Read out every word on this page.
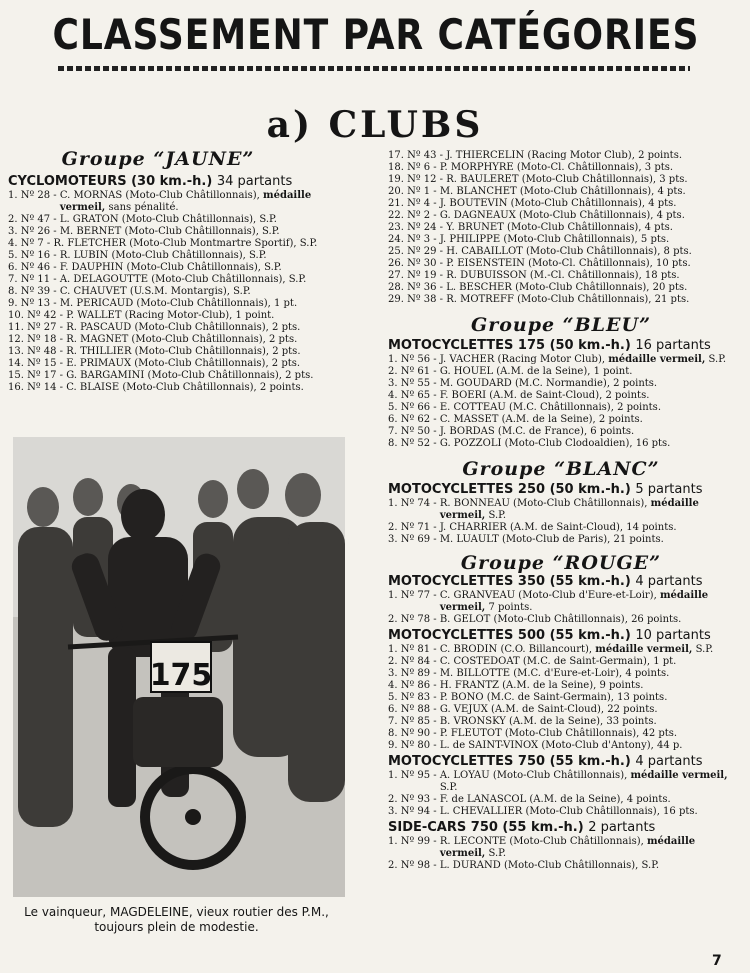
CLASSEMENT PAR CATÉGORIES
a) CLUBS
Groupe “JAUNE”
CYCLOMOTEURS (30 km.-h.) 34 partants
1. Nº 28 - C. MORNAS (Moto-Club Châtillonnais), médaille vermeil, sans pénalité.
2. Nº 47 - L. GRATON (Moto-Club Châtillonnais), S.P.
3. Nº 26 - M. BERNET (Moto-Club Châtillonnais), S.P.
4. Nº 7 - R. FLETCHER (Moto-Club Montmartre Sportif), S.P.
5. Nº 16 - R. LUBIN (Moto-Club Châtillonnais), S.P.
6. Nº 46 - F. DAUPHIN (Moto-Club Châtillonnais), S.P.
7. Nº 11 - A. DELAGOUTTE (Moto-Club Châtillonnais), S.P.
8. Nº 39 - C. CHAUVET (U.S.M. Montargis), S.P.
9. Nº 13 - M. PERICAUD (Moto-Club Châtillonnais), 1 pt.
10. Nº 42 - P. WALLET (Racing Motor-Club), 1 point.
11. Nº 27 - R. PASCAUD (Moto-Club Châtillonnais), 2 pts.
12. Nº 18 - R. MAGNET (Moto-Club Châtillonnais), 2 pts.
13. Nº 48 - R. THILLIER (Moto-Club Châtillonnais), 2 pts.
14. Nº 15 - E. PRIMAUX (Moto-Club Châtillonnais), 2 pts.
15. Nº 17 - G. BARGAMINI (Moto-Club Châtillonnais), 2 pts.
16. Nº 14 - C. BLAISE (Moto-Club Châtillonnais), 2 points.
175
Le vainqueur, MAGDELEINE, vieux routier des P.M., toujours plein de modestie.
17. Nº 43 - J. THIERCELIN (Racing Motor Club), 2 points.
18. Nº 6 - P. MORPHYRE (Moto-Cl. Châtillonnais), 3 pts.
19. Nº 12 - R. BAULERET (Moto-Club Châtillonnais), 3 pts.
20. Nº 1 - M. BLANCHET (Moto-Club Châtillonnais), 4 pts.
21. Nº 4 - J. BOUTEVIN (Moto-Club Châtillonnais), 4 pts.
22. Nº 2 - G. DAGNEAUX (Moto-Club Châtillonnais), 4 pts.
23. Nº 24 - Y. BRUNET (Moto-Club Châtillonnais), 4 pts.
24. Nº 3 - J. PHILIPPE (Moto-Club Châtillonnais), 5 pts.
25. Nº 29 - H. CABAILLOT (Moto-Club Châtillonnais), 8 pts.
26. Nº 30 - P. EISENSTEIN (Moto-Cl. Châtillonnais), 10 pts.
27. Nº 19 - R. DUBUISSON (M.-Cl. Châtillonnais), 18 pts.
28. Nº 36 - L. BESCHER (Moto-Club Châtillonnais), 20 pts.
29. Nº 38 - R. MOTREFF (Moto-Club Châtillonnais), 21 pts.
Groupe “BLEU”
MOTOCYCLETTES 175 (50 km.-h.) 16 partants
1. Nº 56 - J. VACHER (Racing Motor Club), médaille vermeil, S.P.
2. Nº 61 - G. HOUEL (A.M. de la Seine), 1 point.
3. Nº 55 - M. GOUDARD (M.C. Normandie), 2 points.
4. Nº 65 - F. BOERI (A.M. de Saint-Cloud), 2 points.
5. Nº 66 - E. COTTEAU (M.C. Châtillonnais), 2 points.
6. Nº 62 - C. MASSET (A.M. de la Seine), 2 points.
7. Nº 50 - J. BORDAS (M.C. de France), 6 points.
8. Nº 52 - G. POZZOLI (Moto-Club Clodoaldien), 16 pts.
Groupe “BLANC”
MOTOCYCLETTES 250 (50 km.-h.) 5 partants
1. Nº 74 - R. BONNEAU (Moto-Club Châtillonnais), médaille vermeil, S.P.
2. Nº 71 - J. CHARRIER (A.M. de Saint-Cloud), 14 points.
3. Nº 69 - M. LUAULT (Moto-Club de Paris), 21 points.
Groupe “ROUGE”
MOTOCYCLETTES 350 (55 km.-h.) 4 partants
1. Nº 77 - C. GRANVEAU (Moto-Club d'Eure-et-Loir), médaille vermeil, 7 points.
2. Nº 78 - B. GELOT (Moto-Club Châtillonnais), 26 points.
MOTOCYCLETTES 500 (55 km.-h.) 10 partants
1. Nº 81 - C. BRODIN (C.O. Billancourt), médaille vermeil, S.P.
2. Nº 84 - C. COSTEDOAT (M.C. de Saint-Germain), 1 pt.
3. Nº 89 - M. BILLOTTE (M.C. d'Eure-et-Loir), 4 points.
4. Nº 86 - H. FRANTZ (A.M. de la Seine), 9 points.
5. Nº 83 - P. BONO (M.C. de Saint-Germain), 13 points.
6. Nº 88 - G. VEJUX (A.M. de Saint-Cloud), 22 points.
7. Nº 85 - B. VRONSKY (A.M. de la Seine), 33 points.
8. Nº 90 - P. FLEUTOT (Moto-Club Châtillonnais), 42 pts.
9. Nº 80 - L. de SAINT-VINOX (Moto-Club d'Antony), 44 p.
MOTOCYCLETTES 750 (55 km.-h.) 4 partants
1. Nº 95 - A. LOYAU (Moto-Club Châtillonnais), médaille vermeil, S.P.
2. Nº 93 - F. de LANASCOL (A.M. de la Seine), 4 points.
3. Nº 94 - L. CHEVALLIER (Moto-Club Châtillonnais), 16 pts.
SIDE-CARS 750 (55 km.-h.) 2 partants
1. Nº 99 - R. LECONTE (Moto-Club Châtillonnais), médaille vermeil, S.P.
2. Nº 98 - L. DURAND (Moto-Club Châtillonnais), S.P.
7
